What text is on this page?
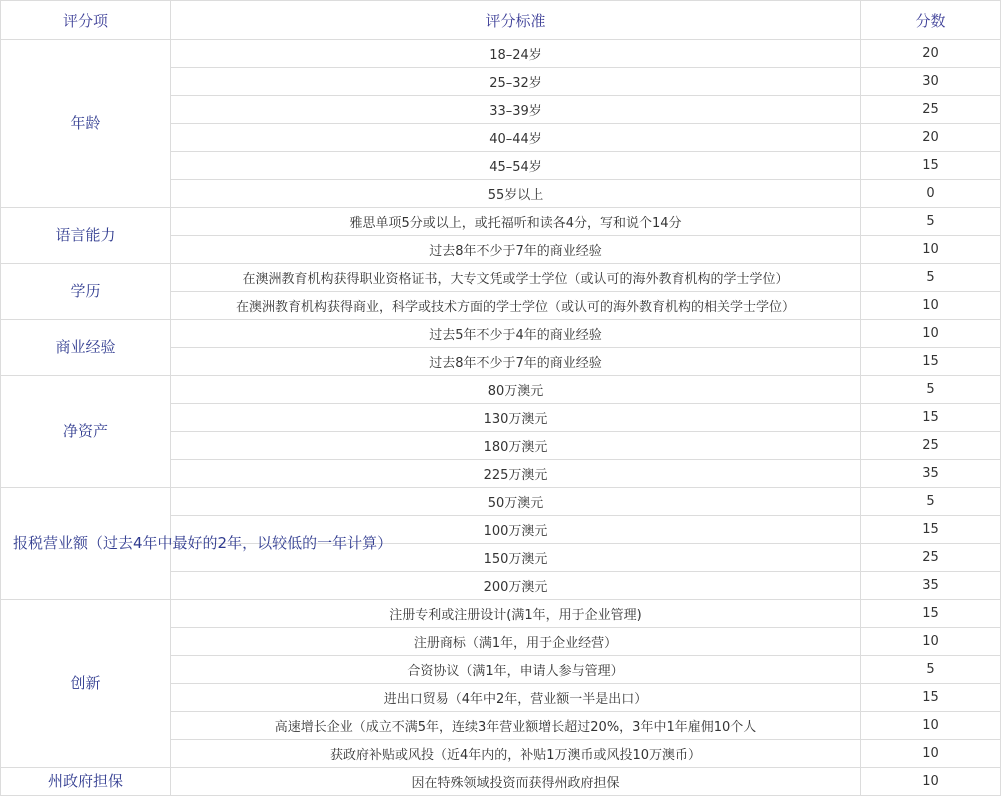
评分项	评分标准	分数
年龄	18–24岁	20
	25–32岁	30
	33–39岁	25
	40–44岁	20
	45–54岁	15
	55岁以上	0
语言能力	雅思单项5分或以上，或托福听和读各4分，写和说个14分	5
	过去8年不少于7年的商业经验	10
学历	在澳洲教育机构获得职业资格证书，大专文凭或学士学位（或认可的海外教育机构的学士学位）	5
	在澳洲教育机构获得商业，科学或技术方面的学士学位（或认可的海外教育机构的相关学士学位）	10
商业经验	过去5年不少于4年的商业经验	10
	过去8年不少于7年的商业经验	15
净资产	80万澳元	5
	130万澳元	15
	180万澳元	25
	225万澳元	35
报税营业额（过去4年中最好的2年，以较低的一年计算）	50万澳元	5
	100万澳元	15
	150万澳元	25
	200万澳元	35
创新	注册专利或注册设计(满1年，用于企业管理)	15
	注册商标（满1年，用于企业经营）	10
	合资协议（满1年，申请人参与管理）	5
	进出口贸易（4年中2年，营业额一半是出口）	15
	高速增长企业（成立不满5年，连续3年营业额增长超过20%，3年中1年雇佣10个人	10
	获政府补贴或风投（近4年内的，补贴1万澳币或风投10万澳币）	10
州政府担保	因在特殊领域投资而获得州政府担保	10
